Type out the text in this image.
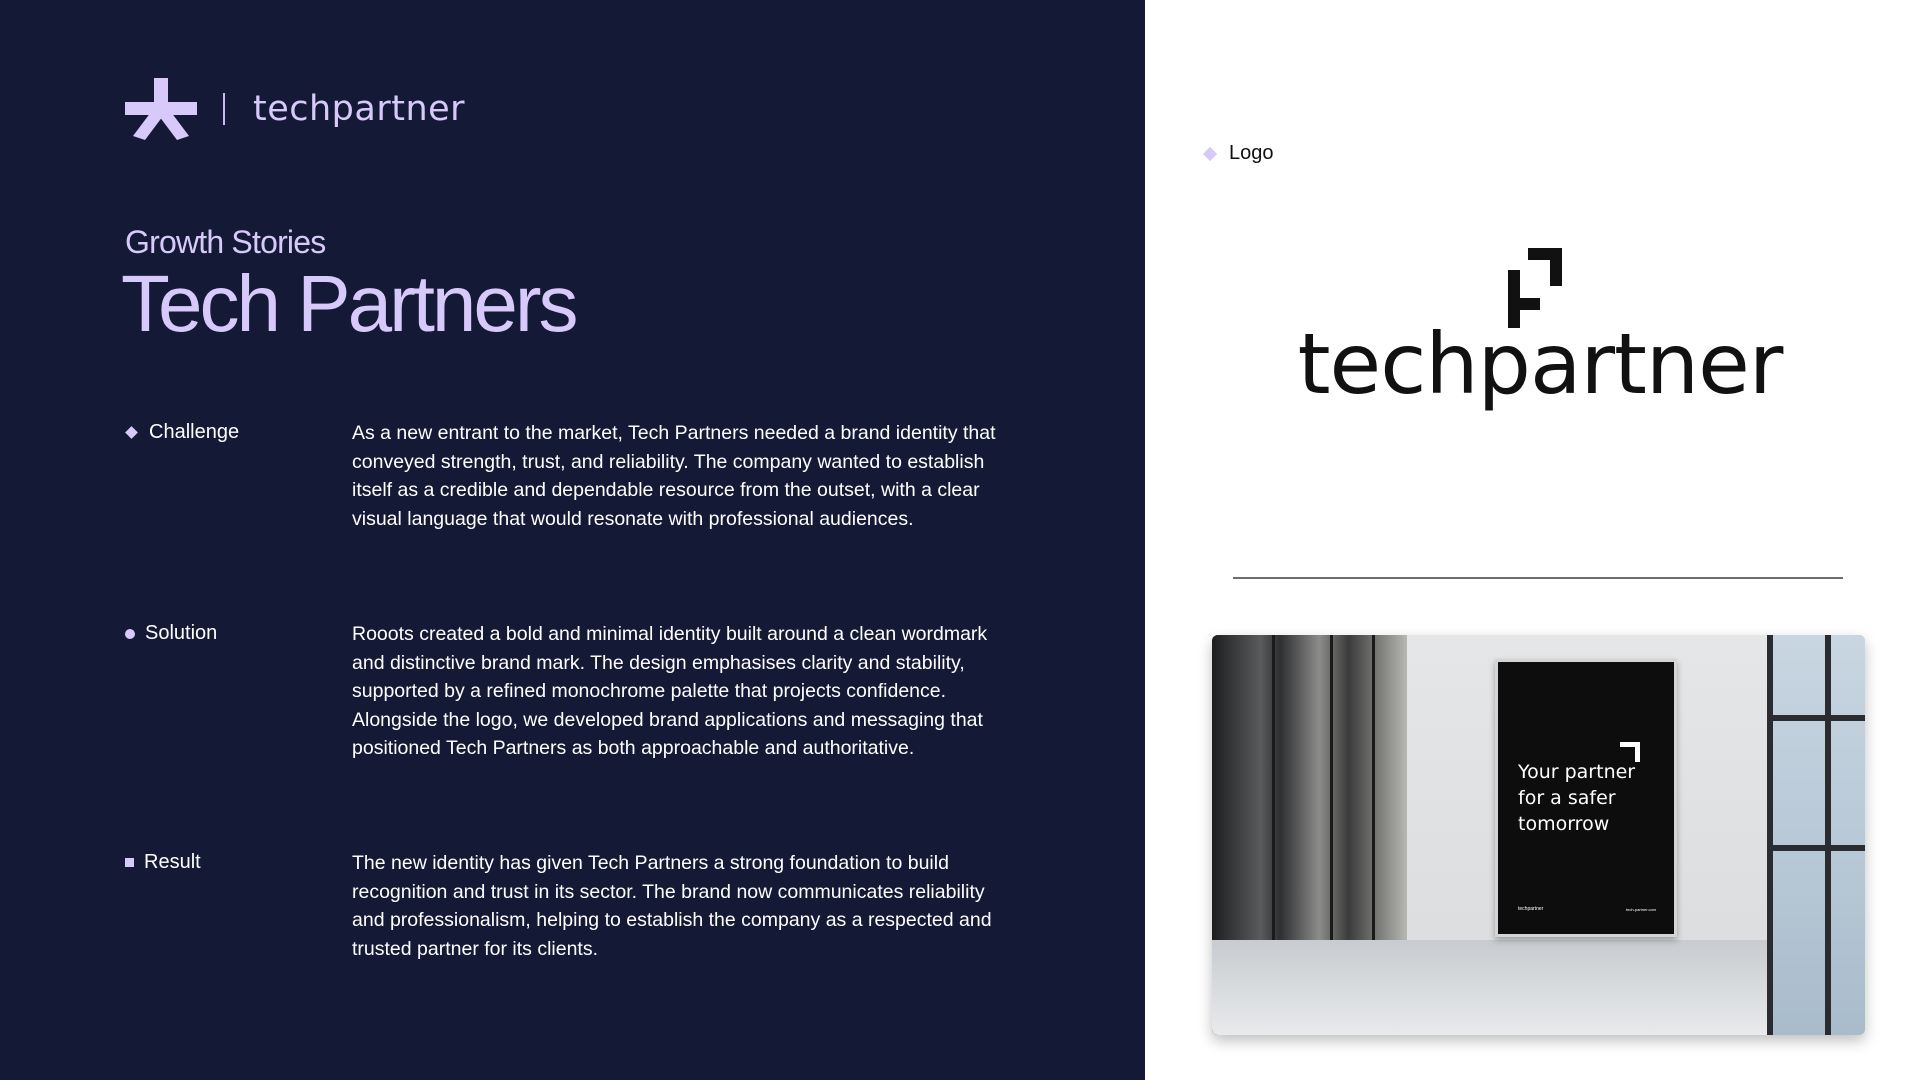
techpartner
Growth Stories
Tech Partners
Challenge	As a new entrant to the market, Tech Partners needed a brand identity that conveyed strength, trust, and reliability. The company wanted to establish itself as a credible and dependable resource from the outset, with a clear visual language that would resonate with professional audiences.
Solution	Rooots created a bold and minimal identity built around a clean wordmark and distinctive brand mark. The design emphasises clarity and stability, supported by a refined monochrome palette that projects confidence. Alongside the logo, we developed brand applications and messaging that positioned Tech Partners as both approachable and authoritative.
Result	The new identity has given Tech Partners a strong foundation to build recognition and trust in its sector. The brand now communicates reliability and professionalism, helping to establish the company as a respected and trusted partner for its clients.
Logo
techpartner
Your partner for a safer tomorrow
techpartner	tech-partner.com
